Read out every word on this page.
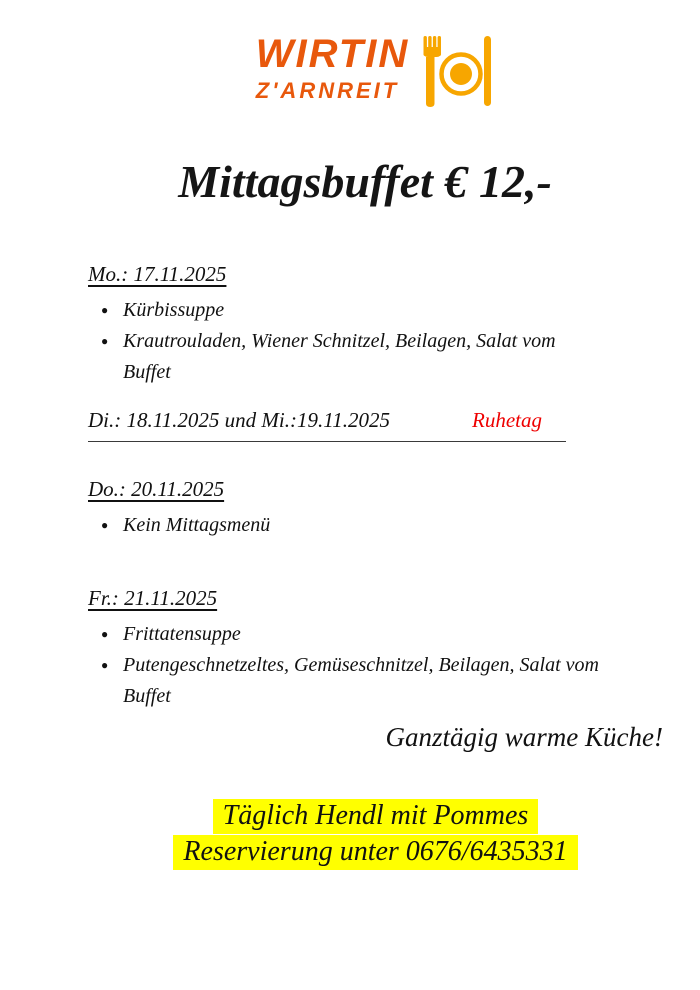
WIRTIN
Z'ARNREIT
Mittagsbuffet € 12,-
Mo.: 17.11.2025
● Kürbissuppe
● Krautrouladen, Wiener Schnitzel, Beilagen, Salat vom Buffet
Di.: 18.11.2025 und Mi.:19.11.2025	Ruhetag
Do.: 20.11.2025
● Kein Mittagsmenü
Fr.: 21.11.2025
● Frittatensuppe
● Putengeschnetzeltes, Gemüseschnitzel, Beilagen, Salat vom Buffet
Ganztägig warme Küche!
Täglich Hendl mit Pommes
Reservierung unter 0676/6435331
